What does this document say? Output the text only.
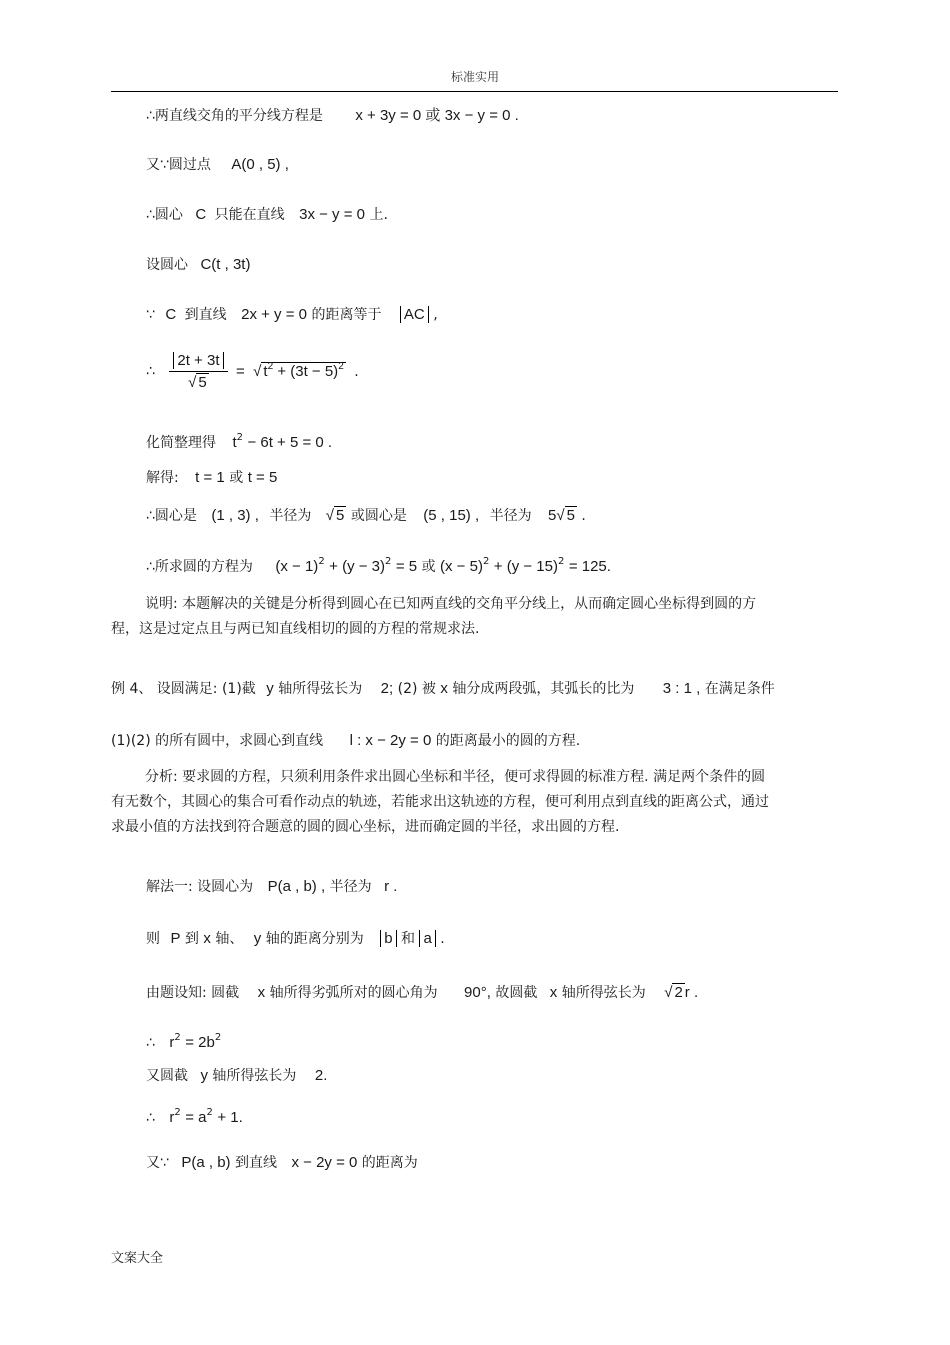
标准实用
∴两直线交角的平分线方程是 x + 3y = 0 或 3x − y = 0 .
又∵圆过点 A(0 , 5) ,
∴圆心 C 只能在直线 3x − y = 0 上.
设圆心 C(t , 3t)
∵ C 到直线 2x + y = 0 的距离等于 AC ,
∴ $\frac{2t + 3t}{√ 5}$ = √ $t^2 + (3t - 5)^2$ .
化简整理得 $t^2 - 6t + 5 = 0$ .
解得: t = 1 或 t = 5
∴圆心是 (1 , 3) , 半径为 √ 5 或圆心是 (5 , 15) , 半径为 5√ 5 .
∴所求圆的方程为 $(x - 1)^2 + (y - 3)^2 = 5$ 或 $(x - 5)^2 + (y - 15)^2 = 125$.
说明: 本题解决的关键是分析得到圆心在已知两直线的交角平分线上，从而确定圆心坐标得到圆的方程，这是过定点且与两已知直线相切的圆的方程的常规求法.
例 4、 设圆满足: (1)截 y 轴所得弦长为 2; (2) 被 x 轴分成两段弧，其弧长的比为 3 : 1 , 在满足条件
(1)(2) 的所有圆中，求圆心到直线 l : x − 2y = 0 的距离最小的圆的方程.
分析: 要求圆的方程，只须利用条件求出圆心坐标和半径，便可求得圆的标准方程. 满足两个条件的圆有无数个，其圆心的集合可看作动点的轨迹，若能求出这轨迹的方程，便可利用点到直线的距离公式，通过求最小值的方法找到符合题意的圆的圆心坐标，进而确定圆的半径，求出圆的方程.
解法一: 设圆心为 P(a , b) , 半径为 r .
则 P 到 x 轴、 y 轴的距离分别为 b 和 a .
由题设知: 圆截 x 轴所得劣弧所对的圆心角为 90°, 故圆截 x 轴所得弦长为 √ 2 r .
∴ $r^2 = 2b^2$
又圆截 y 轴所得弦长为 2.
∴ $r^2 = a^2 + 1$.
又∵ P(a , b) 到直线 x − 2y = 0 的距离为
文案大全
